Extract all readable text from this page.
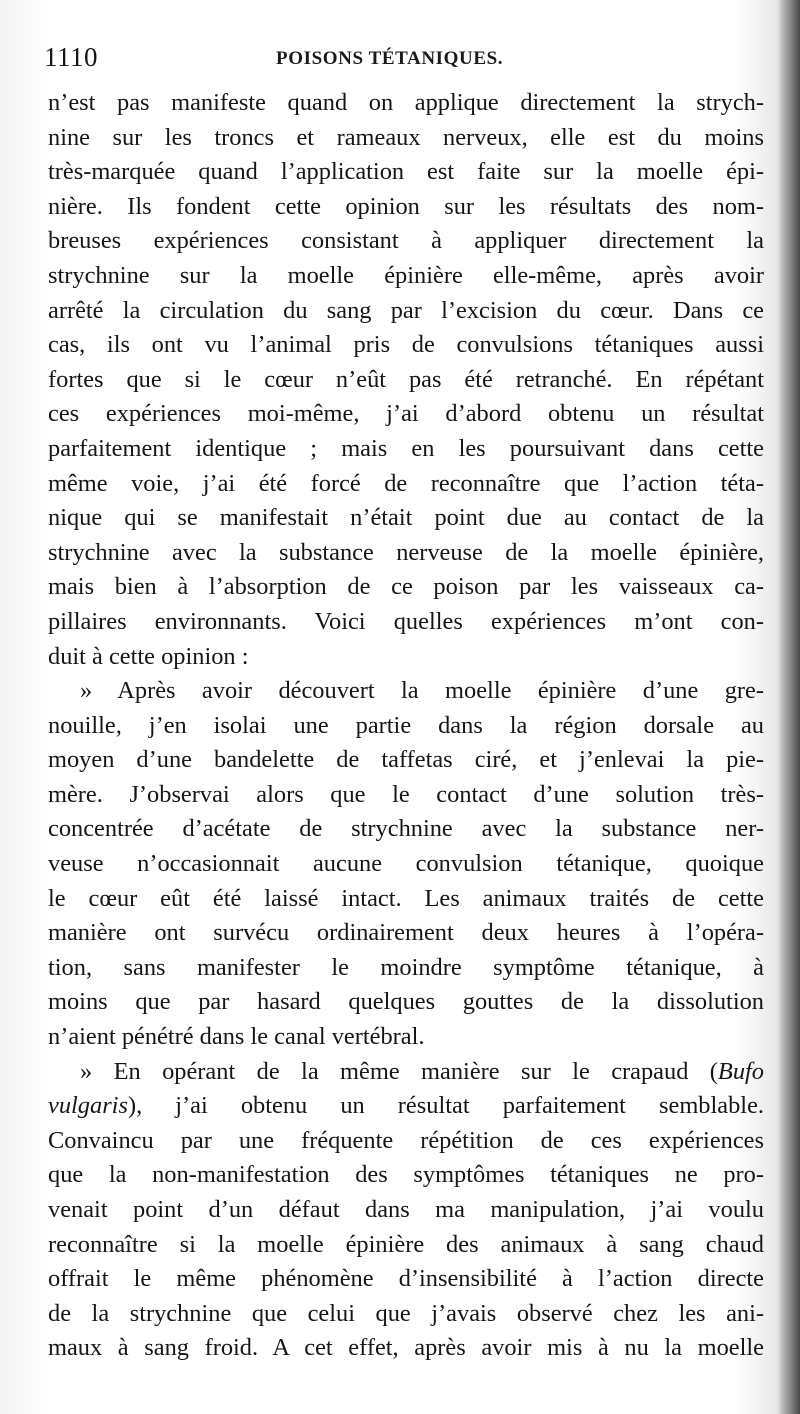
1110	POISONS TÉTANIQUES.
n’est pas manifeste quand on applique directement la strych-
nine sur les troncs et rameaux nerveux, elle est du moins
très-marquée quand l’application est faite sur la moelle épi-
nière. Ils fondent cette opinion sur les résultats des nom-
breuses expériences consistant à appliquer directement la
strychnine sur la moelle épinière elle-même, après avoir
arrêté la circulation du sang par l’excision du cœur. Dans ce
cas, ils ont vu l’animal pris de convulsions tétaniques aussi
fortes que si le cœur n’eût pas été retranché. En répétant
ces expériences moi-même, j’ai d’abord obtenu un résultat
parfaitement identique ; mais en les poursuivant dans cette
même voie, j’ai été forcé de reconnaître que l’action téta-
nique qui se manifestait n’était point due au contact de la
strychnine avec la substance nerveuse de la moelle épinière,
mais bien à l’absorption de ce poison par les vaisseaux ca-
pillaires environnants. Voici quelles expériences m’ont con-
duit à cette opinion :
» Après avoir découvert la moelle épinière d’une gre-
nouille, j’en isolai une partie dans la région dorsale au
moyen d’une bandelette de taffetas ciré, et j’enlevai la pie-
mère. J’observai alors que le contact d’une solution très-
concentrée d’acétate de strychnine avec la substance ner-
veuse n’occasionnait aucune convulsion tétanique, quoique
le cœur eût été laissé intact. Les animaux traités de cette
manière ont survécu ordinairement deux heures à l’opéra-
tion, sans manifester le moindre symptôme tétanique, à
moins que par hasard quelques gouttes de la dissolution
n’aient pénétré dans le canal vertébral.
» En opérant de la même manière sur le crapaud (Bufo
vulgaris), j’ai obtenu un résultat parfaitement semblable.
Convaincu par une fréquente répétition de ces expériences
que la non-manifestation des symptômes tétaniques ne pro-
venait point d’un défaut dans ma manipulation, j’ai voulu
reconnaître si la moelle épinière des animaux à sang chaud
offrait le même phénomène d’insensibilité à l’action directe
de la strychnine que celui que j’avais observé chez les ani-
maux à sang froid. A cet effet, après avoir mis à nu la moelle
